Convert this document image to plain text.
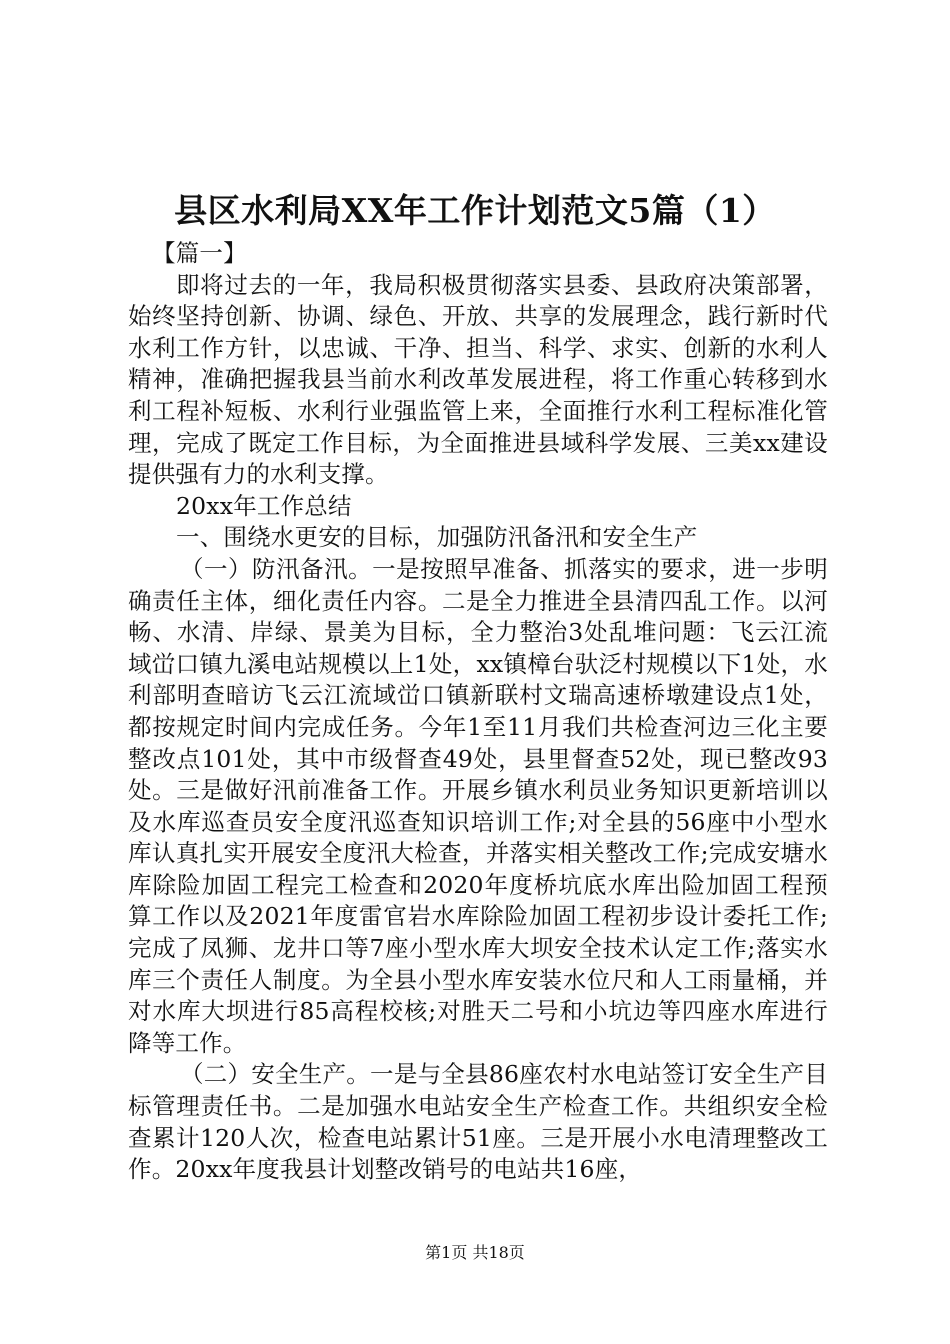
县区水利局XX年工作计划范文5篇（1）

【篇一】

即将过去的一年，我局积极贯彻落实县委、县政府决策部署，始终坚持创新、协调、绿色、开放、共享的发展理念，践行新时代水利工作方针，以忠诚、干净、担当、科学、求实、创新的水利人精神，准确把握我县当前水利改革发展进程，将工作重心转移到水利工程补短板、水利行业强监管上来，全面推行水利工程标准化管理，完成了既定工作目标，为全面推进县域科学发展、三美xx建设提供强有力的水利支撑。

20xx年工作总结

一、围绕水更安的目标，加强防汛备汛和安全生产

（一）防汛备汛。一是按照早准备、抓落实的要求，进一步明确责任主体，细化责任内容。二是全力推进全县清四乱工作。以河畅、水清、岸绿、景美为目标，全力整治3处乱堆问题：飞云江流域峃口镇九溪电站规模以上1处，xx镇樟台驮泛村规模以下1处，水利部明查暗访飞云江流域峃口镇新联村文瑞高速桥墩建设点1处，都按规定时间内完成任务。今年1至11月我们共检查河边三化主要整改点101处，其中市级督查49处，县里督查52处，现已整改93处。三是做好汛前准备工作。开展乡镇水利员业务知识更新培训以及水库巡查员安全度汛巡查知识培训工作;对全县的56座中小型水库认真扎实开展安全度汛大检查，并落实相关整改工作;完成安塘水库除险加固工程完工检查和2020年度桥坑底水库出险加固工程预算工作以及2021年度雷官岩水库除险加固工程初步设计委托工作;完成了凤狮、龙井口等7座小型水库大坝安全技术认定工作;落实水库三个责任人制度。为全县小型水库安装水位尺和人工雨量桶，并对水库大坝进行85高程校核;对胜天二号和小坑边等四座水库进行降等工作。

（二）安全生产。一是与全县86座农村水电站签订安全生产目标管理责任书。二是加强水电站安全生产检查工作。共组织安全检查累计120人次，检查电站累计51座。三是开展小水电清理整改工作。20xx年度我县计划整改销号的电站共16座，

第1页 共18页
